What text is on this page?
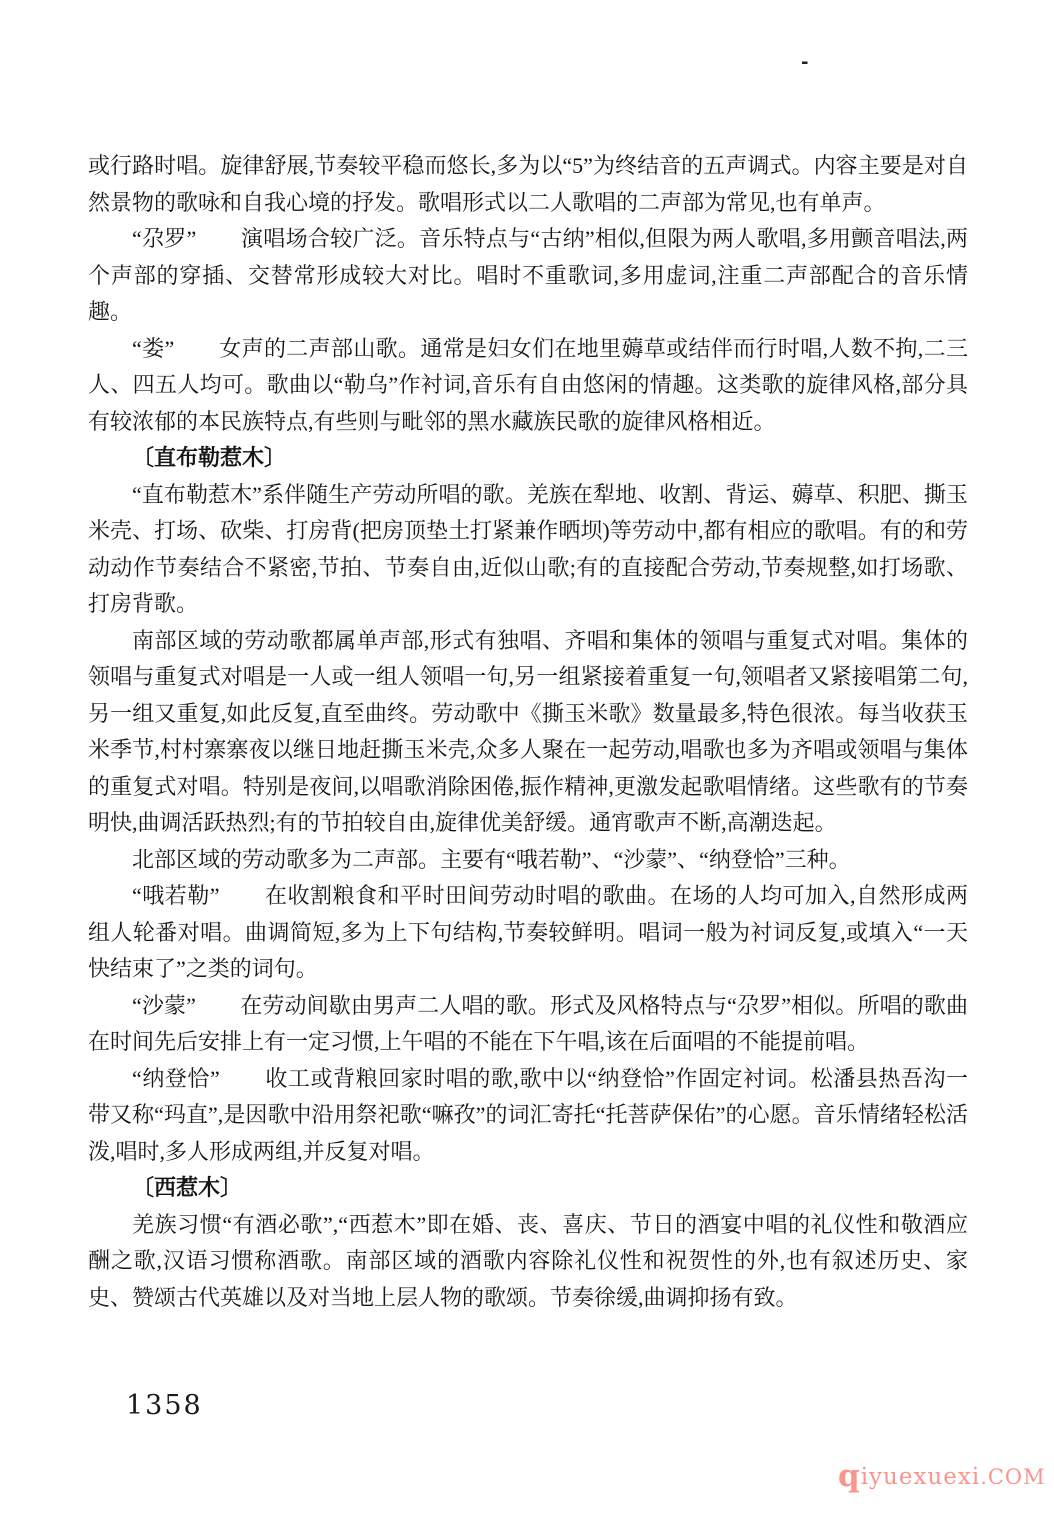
-

或行路时唱。旋律舒展,节奏较平稳而悠长,多为以“5”为终结音的五声调式。内容主要是对自然景物的歌咏和自我心境的抒发。歌唱形式以二人歌唱的二声部为常见,也有单声。

“尕罗”　　演唱场合较广泛。音乐特点与“古纳”相似,但限为两人歌唱,多用颤音唱法,两个声部的穿插、交替常形成较大对比。唱时不重歌词,多用虚词,注重二声部配合的音乐情趣。

“娄”　　女声的二声部山歌。通常是妇女们在地里薅草或结伴而行时唱,人数不拘,二三人、四五人均可。歌曲以“勒乌”作衬词,音乐有自由悠闲的情趣。这类歌的旋律风格,部分具有较浓郁的本民族特点,有些则与毗邻的黑水藏族民歌的旋律风格相近。

〔直布勒惹木〕

“直布勒惹木”系伴随生产劳动所唱的歌。羌族在犁地、收割、背运、薅草、积肥、撕玉米壳、打场、砍柴、打房背(把房顶垫土打紧兼作晒坝)等劳动中,都有相应的歌唱。有的和劳动动作节奏结合不紧密,节拍、节奏自由,近似山歌;有的直接配合劳动,节奏规整,如打场歌、打房背歌。

南部区域的劳动歌都属单声部,形式有独唱、齐唱和集体的领唱与重复式对唱。集体的领唱与重复式对唱是一人或一组人领唱一句,另一组紧接着重复一句,领唱者又紧接唱第二句,另一组又重复,如此反复,直至曲终。劳动歌中《撕玉米歌》数量最多,特色很浓。每当收获玉米季节,村村寨寨夜以继日地赶撕玉米壳,众多人聚在一起劳动,唱歌也多为齐唱或领唱与集体的重复式对唱。特别是夜间,以唱歌消除困倦,振作精神,更激发起歌唱情绪。这些歌有的节奏明快,曲调活跃热烈;有的节拍较自由,旋律优美舒缓。通宵歌声不断,高潮迭起。

北部区域的劳动歌多为二声部。主要有“哦若勒”、“沙蒙”、“纳登恰”三种。

“哦若勒”　　在收割粮食和平时田间劳动时唱的歌曲。在场的人均可加入,自然形成两组人轮番对唱。曲调简短,多为上下句结构,节奏较鲜明。唱词一般为衬词反复,或填入“一天快结束了”之类的词句。

“沙蒙”　　在劳动间歇由男声二人唱的歌。形式及风格特点与“尕罗”相似。所唱的歌曲在时间先后安排上有一定习惯,上午唱的不能在下午唱,该在后面唱的不能提前唱。

“纳登恰”　　收工或背粮回家时唱的歌,歌中以“纳登恰”作固定衬词。松潘县热吾沟一带又称“玛直”,是因歌中沿用祭祀歌“嘛孜”的词汇寄托“托菩萨保佑”的心愿。音乐情绪轻松活泼,唱时,多人形成两组,并反复对唱。

〔西惹木〕

羌族习惯“有酒必歌”,“西惹木”即在婚、丧、喜庆、节日的酒宴中唱的礼仪性和敬酒应酬之歌,汉语习惯称酒歌。南部区域的酒歌内容除礼仪性和祝贺性的外,也有叙述历史、家史、赞颂古代英雄以及对当地上层人物的歌颂。节奏徐缓,曲调抑扬有致。

1358
qiyuexuexi.COM
